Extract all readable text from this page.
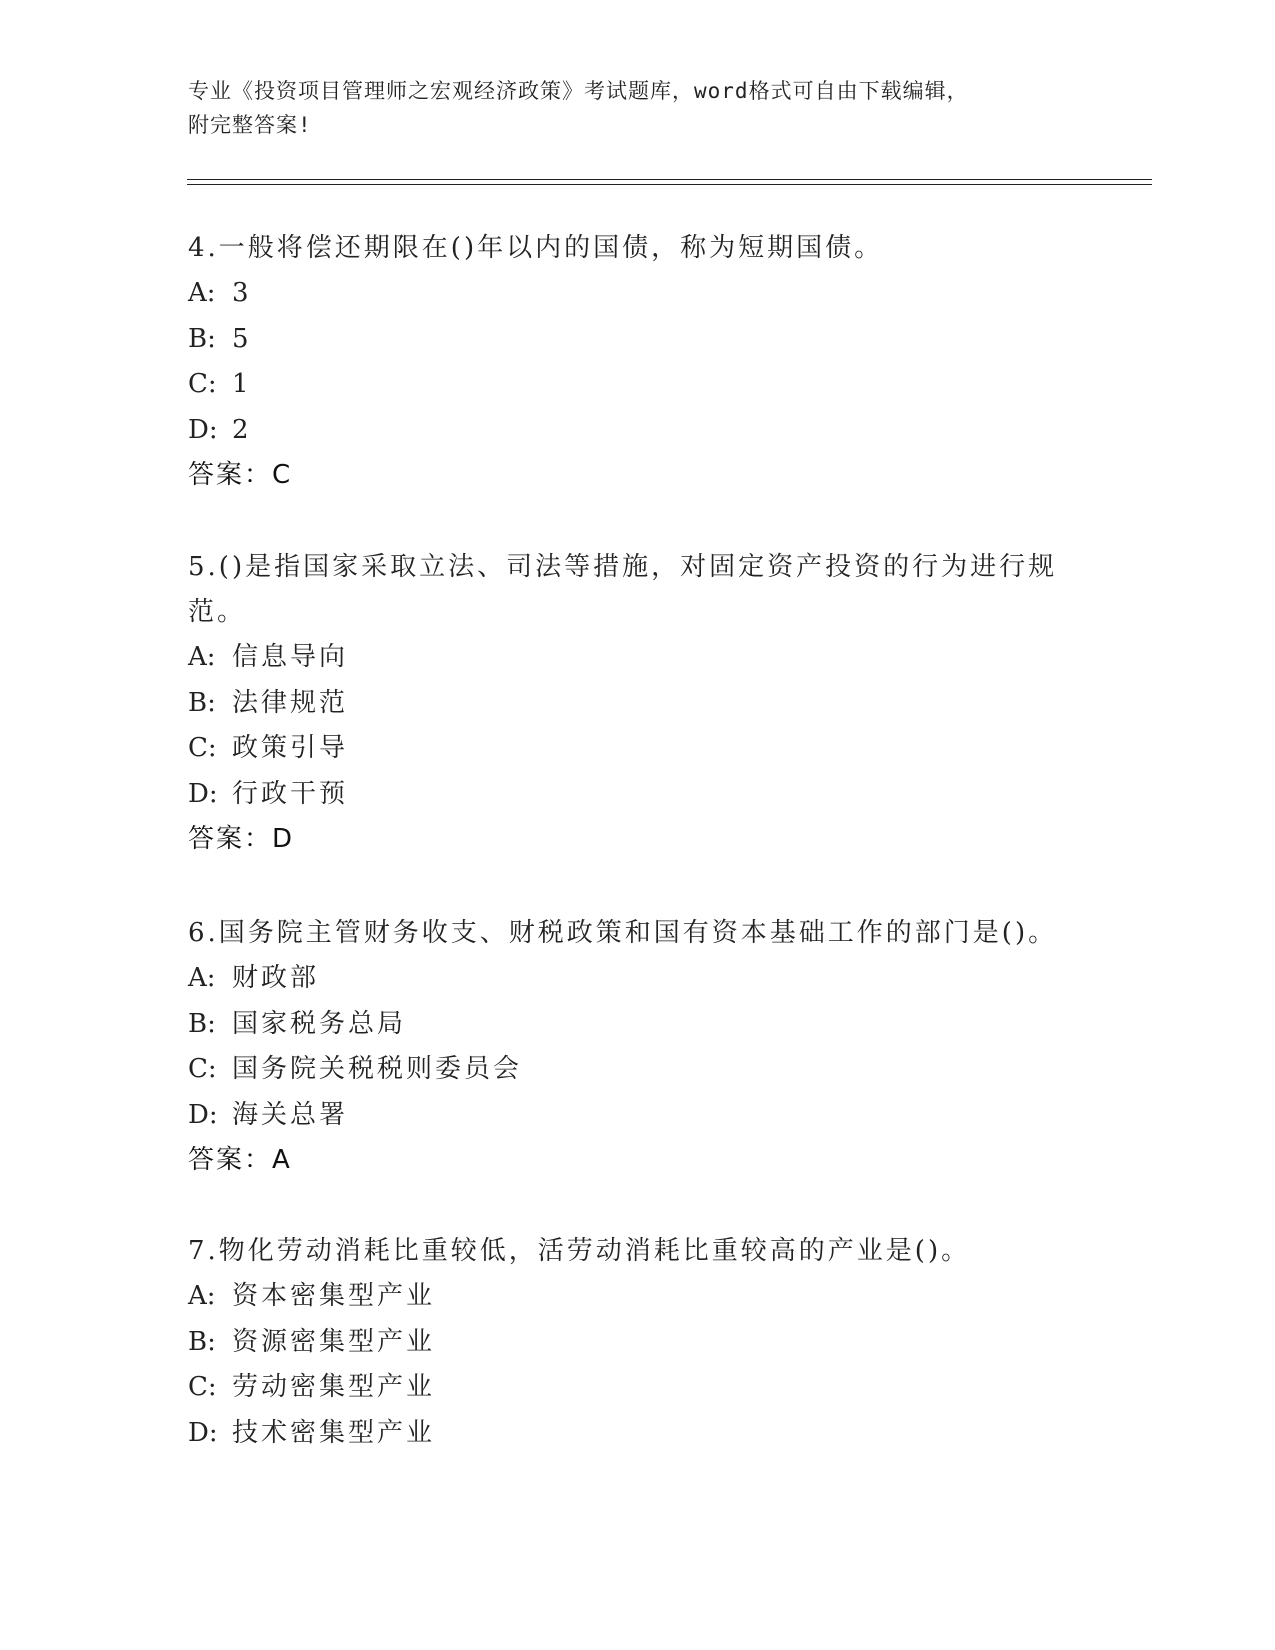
专业《投资项目管理师之宏观经济政策》考试题库，word格式可自由下载编辑，
附完整答案!
4.一般将偿还期限在()年以内的国债，称为短期国债。
A: 3
B: 5
C: 1
D: 2
答案：C
5.()是指国家采取立法、司法等措施，对固定资产投资的行为进行规范。
A: 信息导向
B: 法律规范
C: 政策引导
D: 行政干预
答案：D
6.国务院主管财务收支、财税政策和国有资本基础工作的部门是()。
A: 财政部
B: 国家税务总局
C: 国务院关税税则委员会
D: 海关总署
答案：A
7.物化劳动消耗比重较低，活劳动消耗比重较高的产业是()。
A: 资本密集型产业
B: 资源密集型产业
C: 劳动密集型产业
D: 技术密集型产业
